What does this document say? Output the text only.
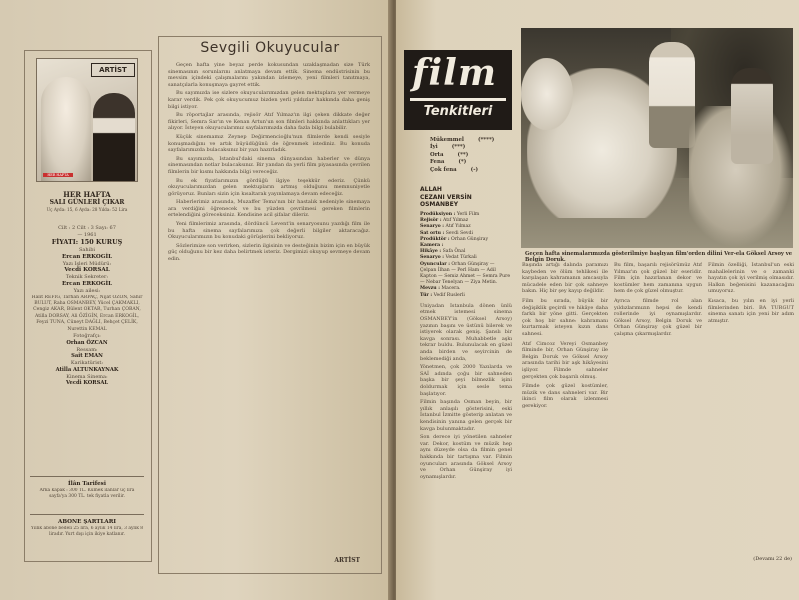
ARTİST
HER HAFTA
HER HAFTA
SALI GÜNLERİ ÇIKAR
Üç Ayda: 15, 6 Ayda: 28 Yılda: 52 Lira
Cilt : 2 Cilt : 3 Sayı: 67
— 1961
FİYATI: 150 KURUŞ
Sahibi
Ercan ERKOGİL
Yazı İşleri Müdürü:
Vecdi KORSAL
Teknik Sekreter:
Ercan ERKOGİL
Yazı ailesi:
Halit REFİĞ, Tarhan ARPAÇ, Nijat ÖZÖN, Sahir BULUT, Raha OSMANBEY, Yücel ÇAKMAKLI, Cengiz AKAR, Bülent OKTAR, Turhan ÇOBAN, Atilla DORSAY, Ali ÖZİGİN, Ercan ERKOGİL, Feyzi TUNA, Cüneyt DAĞLI, Behçet ÇELİK, Nurettin KEMAL
Fotoğrafçı:
Orhan ÖZCAN
Ressam:
Sait EMAN
Karikatürist:
Atilla ALTUNKAYNAK
Kinema Sinema:
Vecdi KORSAL
İlân Tarifesi
Arka kapak : 300 TL. Kümek ilânlar üç lira sayfa'ya 300 TL. tek fiyatla verilir.
ABONE ŞARTLARI
Yıllık abone bedeli 25 lira, 6 aylık 14 lira, 3 aylık 8 liradır. Yurt dışı için ikiye katlanır.
Sevgili Okuyucular

Geçen hafta yine beyaz perde kokusundan uzaklaşmadan size Türk sinemasının sorunlarını anlatmaya devam ettik. Sinema endüstrisinin bu mevsim içindeki çalışmalarını yakından izlemeye, yeni filmleri tanıtmaya, sanatçılarla konuşmaya gayret ettik.

Bu sayımızda ise sizlere okuyucularımızdan gelen mektuplara yer vermeye karar verdik. Pek çok okuyucumuz bizden yerli yıldızlar hakkında daha geniş bilgi istiyor.

Bu röportajlar arasında, rejisör Atıf Yılmaz'ın ilgi çeken dikkate değer fikirleri, Semra Sar'ın ve Kenan Artun'un son filmleri hakkında anlattıkları yer alıyor. İsteyen okuyucularımız sayfalarımızda daha fazla bilgi bulabilir.

Küçük sinemamız Zeynep Değirmencioğlu'nun filmlerde kendi sesiyle konuşmadığını ve artık büyüdüğünü de öğrenmek istediniz. Bu konuda sayfalarımızda bulacaksınız bir yazı hazırladık.

Bu sayımızda, Istanbul'daki sinema dünyasından haberler ve dünya sinemasından notlar bulacaksınız. Bir yandan da yerli film piyasasında çevrilen filmlerin bir kısmı hakkında bilgi vereceğiz.

Bu ek fiyatlarımızın gördüğü ilgiye teşekkür ederiz. Çünkü okuyucularımızdan gelen mektupların artmış olduğunu memnuniyetle görüyoruz. Bunları sizin için kısaltarak yayınlamaya devam edeceğiz.

Haberlerimiz arasında, Muzaffer Tema'nın bir hastalık nedeniyle sinemaya ara verdiğini öğrenecek ve bu yüzden çevrilmesi gereken filmlerin ertelendiğini göreceksiniz. Kendisine acil şifalar dileriz.

Yeni filmlerimiz arasında, dördüncü Levent'in senaryosunu yazdığı film ile bu hafta sinema sayfalarımıza çok değerli bilgiler aktaracağız. Okuyucularımızın bu konudaki görüşlerini bekliyoruz.

Sözlerimize son verirken, sizlerin ilgisinin ve desteğinin bizim için en büyük güç olduğunu bir kez daha belirtmek isteriz. Dergimizi okuyup sevmeye devam edin.

ARTİST
film
Tenkitleri
Geçen hafta sinemalarımızda gösterilmiye başlıyan film'orden dilini Ver-ela Göksel Arsoy ve Belgin Doruk.
Mükemmel	(****)
İyi	(***)
Orta	(**)
Fena	(*)
Çok fena	(-)
ALLAH
CEZANI VERSİN
OSMANBEY
Prodüksiyon : Yerli Film
Rejisör : Atıf Yılmaz
Senaryo : Atıf Yılmaz
Sat ortu : Sevdi Sevdi
Prodüktör : Orhan Günşiray
Kamera :
Hikâye : Safa Önal
Senaryo : Vedat Türkali
Oyuncular : Orhan Günşiray — Çelpan İlhan — Perl Ham — Adil Kapton — Semiz Ahmet — Semra Pure — Nebar Tenelyan — Ziya Metin.
Mevzu : Macera.
Tür : Vedif Ruslerli

Üniyadan İstanbula dönen ünlü etmek istemesi sinema OSMANBEY'in (Göksel Arsoy) yazının başını ve üstünü bilerek ve istiyerek olarak geniş. Şanslı bir kavga sonrası. Muhabbetle aşkı tekrar buldu. Bulunulacak en güzel anda birden ve seyircinin de beklemediği anda,

Yönetmen, çok 2000 Yazılarda ve SAİ adında çoğu bir sahneden başka bir şeyi bilmezlik işini doldurmak için sesle tema başlatıyor.

Filmin başında Osman beyin, bir yıllık anlaşılı gösterisini, eski İstanbul İzmitte gösterip anlatan ve kendisinin yanına gelen gerçek bir kavga bulunmaktadır.

Son derece iyi yönetilen sahneler var. Dekor, kostüm ve müzik hep aynı düzeyde olsa da filmin genel hakkında bir tartışma var. Filmin oyuncuları arasında Göksel Arsoy ve Orhan Günşiray iyi oynamışlardır.

Başında artığı dalında paramızı kaybeden ve ölüm tehlikesi ile karşılaşan kahramanın amcasıyla mücadele eden bir çok sahneye bakın. Hiç bir şey kayıp değildir.

Film bu sırada, büyük bir değişiklik geçirdi ve hikâye daha farklı bir yöne gitti. Gerçekten çok hoş bir sahne: kahramanı kurtarmak isteyen kızın dans sahnesi.

Atıf Cimcoz Vereyi Osmanbey filminde bir, Orhan Günşiray ile Belgin Doruk ve Göksel Arsoy arasında tarihi bir aşk hikâyesini işliyor. Filmde sahneler gerçekten çok başarılı olmuş.

Filmde çok güzel kostümler, müzik ve dans sahneleri var. Bir ikinci film olarak izlenmesi gerekiyor.

Bu film, başarılı rejisörümüz Atıf Yılmaz'ın çok güzel bir eseridir. Film için hazırlanan dekor ve kostümler hem zamanına uygun hem de çok güzel olmuştur.

Ayrıca filmde rol alan yıldızlarımızın hepsi de kendi rollerinde iyi oynamışlardır. Göksel Arsoy, Belgin Doruk ve Orhan Günşiray çok güzel bir çalışma çıkarmışlardır.

Filmin özelliği, İstanbul'un eski mahallelerinin ve o zamanki hayatın çok iyi verilmiş olmasıdır. Halkın beğenisini kazanacağını umuyoruz.

Kısaca, bu yılın en iyi yerli filmlerinden biri. BA TURGUT sinema sanatı için yeni bir adım atmıştır.

(Devamı 22 de)
